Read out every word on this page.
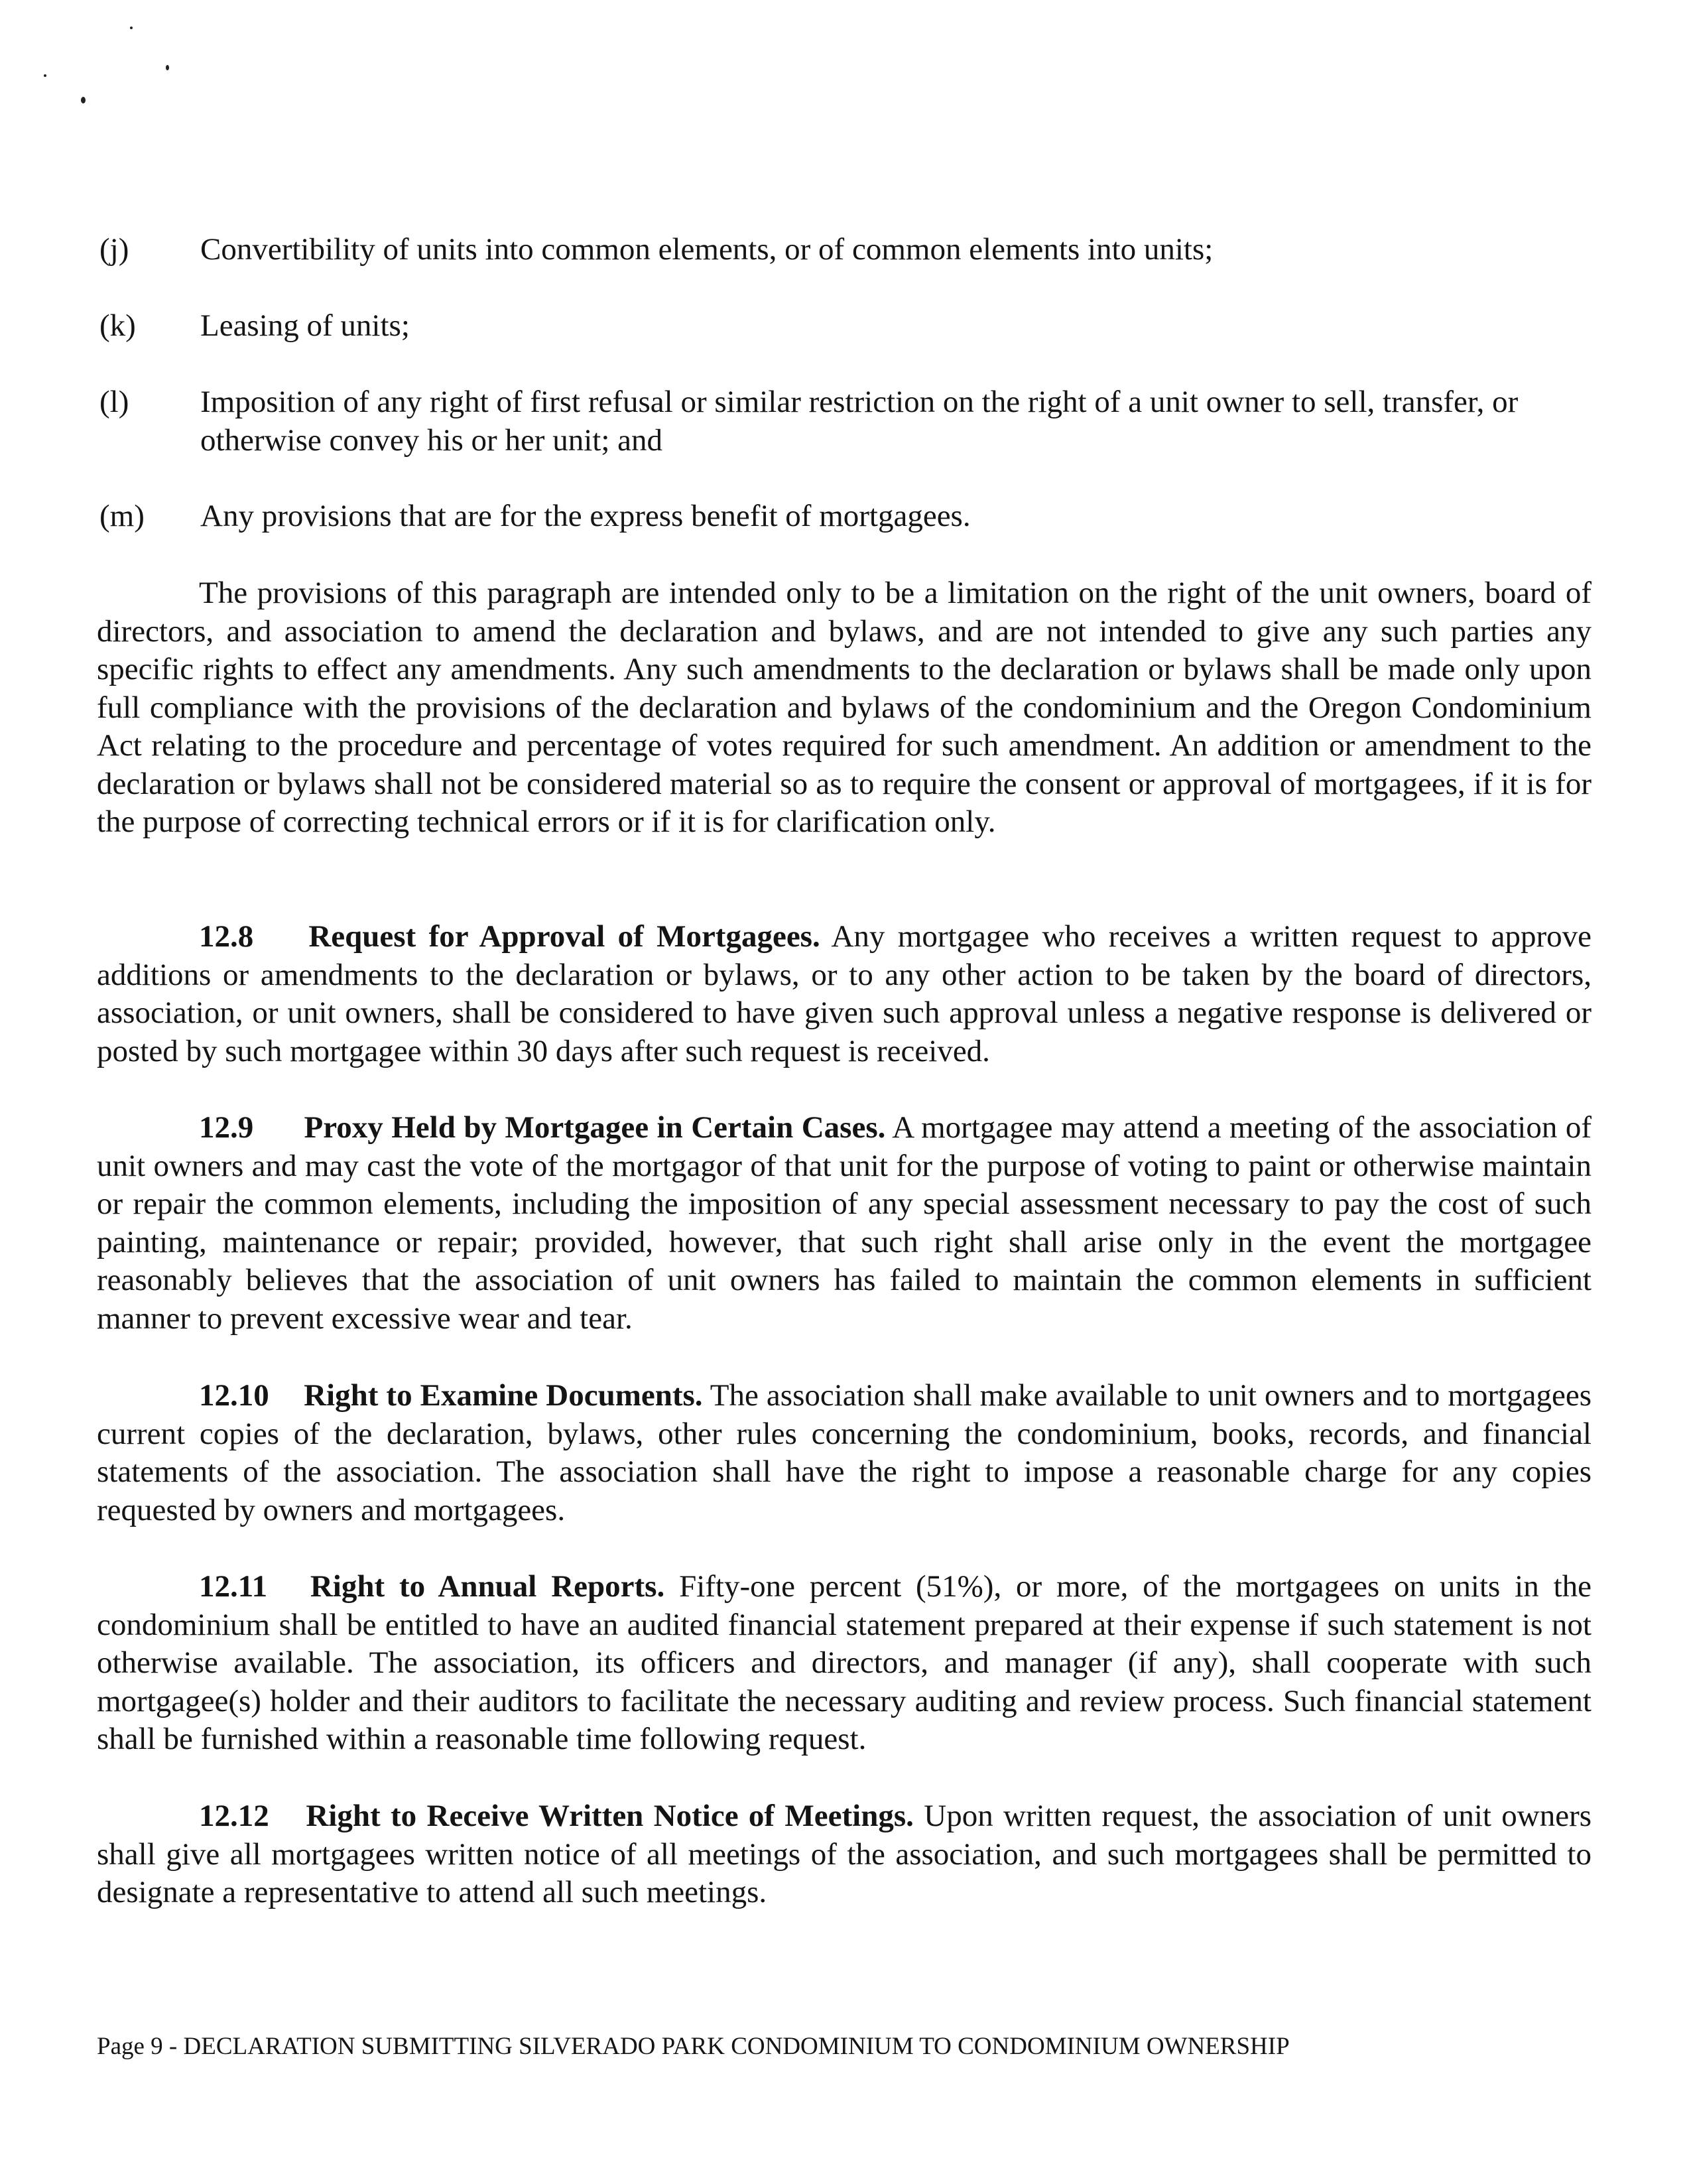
(j) Convertibility of units into common elements, or of common elements into units;
(k) Leasing of units;
(l) Imposition of any right of first refusal or similar restriction on the right of a unit owner to sell, transfer, or otherwise convey his or her unit; and
(m) Any provisions that are for the express benefit of mortgagees.
The provisions of this paragraph are intended only to be a limitation on the right of the unit owners, board of directors, and association to amend the declaration and bylaws, and are not intended to give any such parties any specific rights to effect any amendments. Any such amendments to the declaration or bylaws shall be made only upon full compliance with the provisions of the declaration and bylaws of the condominium and the Oregon Condominium Act relating to the procedure and percentage of votes required for such amendment. An addition or amendment to the declaration or bylaws shall not be considered material so as to require the consent or approval of mortgagees, if it is for the purpose of correcting technical errors or if it is for clarification only.
12.8 Request for Approval of Mortgagees. Any mortgagee who receives a written request to approve additions or amendments to the declaration or bylaws, or to any other action to be taken by the board of directors, association, or unit owners, shall be considered to have given such approval unless a negative response is delivered or posted by such mortgagee within 30 days after such request is received.
12.9 Proxy Held by Mortgagee in Certain Cases. A mortgagee may attend a meeting of the association of unit owners and may cast the vote of the mortgagor of that unit for the purpose of voting to paint or otherwise maintain or repair the common elements, including the imposition of any special assessment necessary to pay the cost of such painting, maintenance or repair; provided, however, that such right shall arise only in the event the mortgagee reasonably believes that the association of unit owners has failed to maintain the common elements in sufficient manner to prevent excessive wear and tear.
12.10 Right to Examine Documents. The association shall make available to unit owners and to mortgagees current copies of the declaration, bylaws, other rules concerning the condominium, books, records, and financial statements of the association. The association shall have the right to impose a reasonable charge for any copies requested by owners and mortgagees.
12.11 Right to Annual Reports. Fifty-one percent (51%), or more, of the mortgagees on units in the condominium shall be entitled to have an audited financial statement prepared at their expense if such statement is not otherwise available. The association, its officers and directors, and manager (if any), shall cooperate with such mortgagee(s) holder and their auditors to facilitate the necessary auditing and review process. Such financial statement shall be furnished within a reasonable time following request.
12.12 Right to Receive Written Notice of Meetings. Upon written request, the association of unit owners shall give all mortgagees written notice of all meetings of the association, and such mortgagees shall be permitted to designate a representative to attend all such meetings.
Page 9 - DECLARATION SUBMITTING SILVERADO PARK CONDOMINIUM TO CONDOMINIUM OWNERSHIP
